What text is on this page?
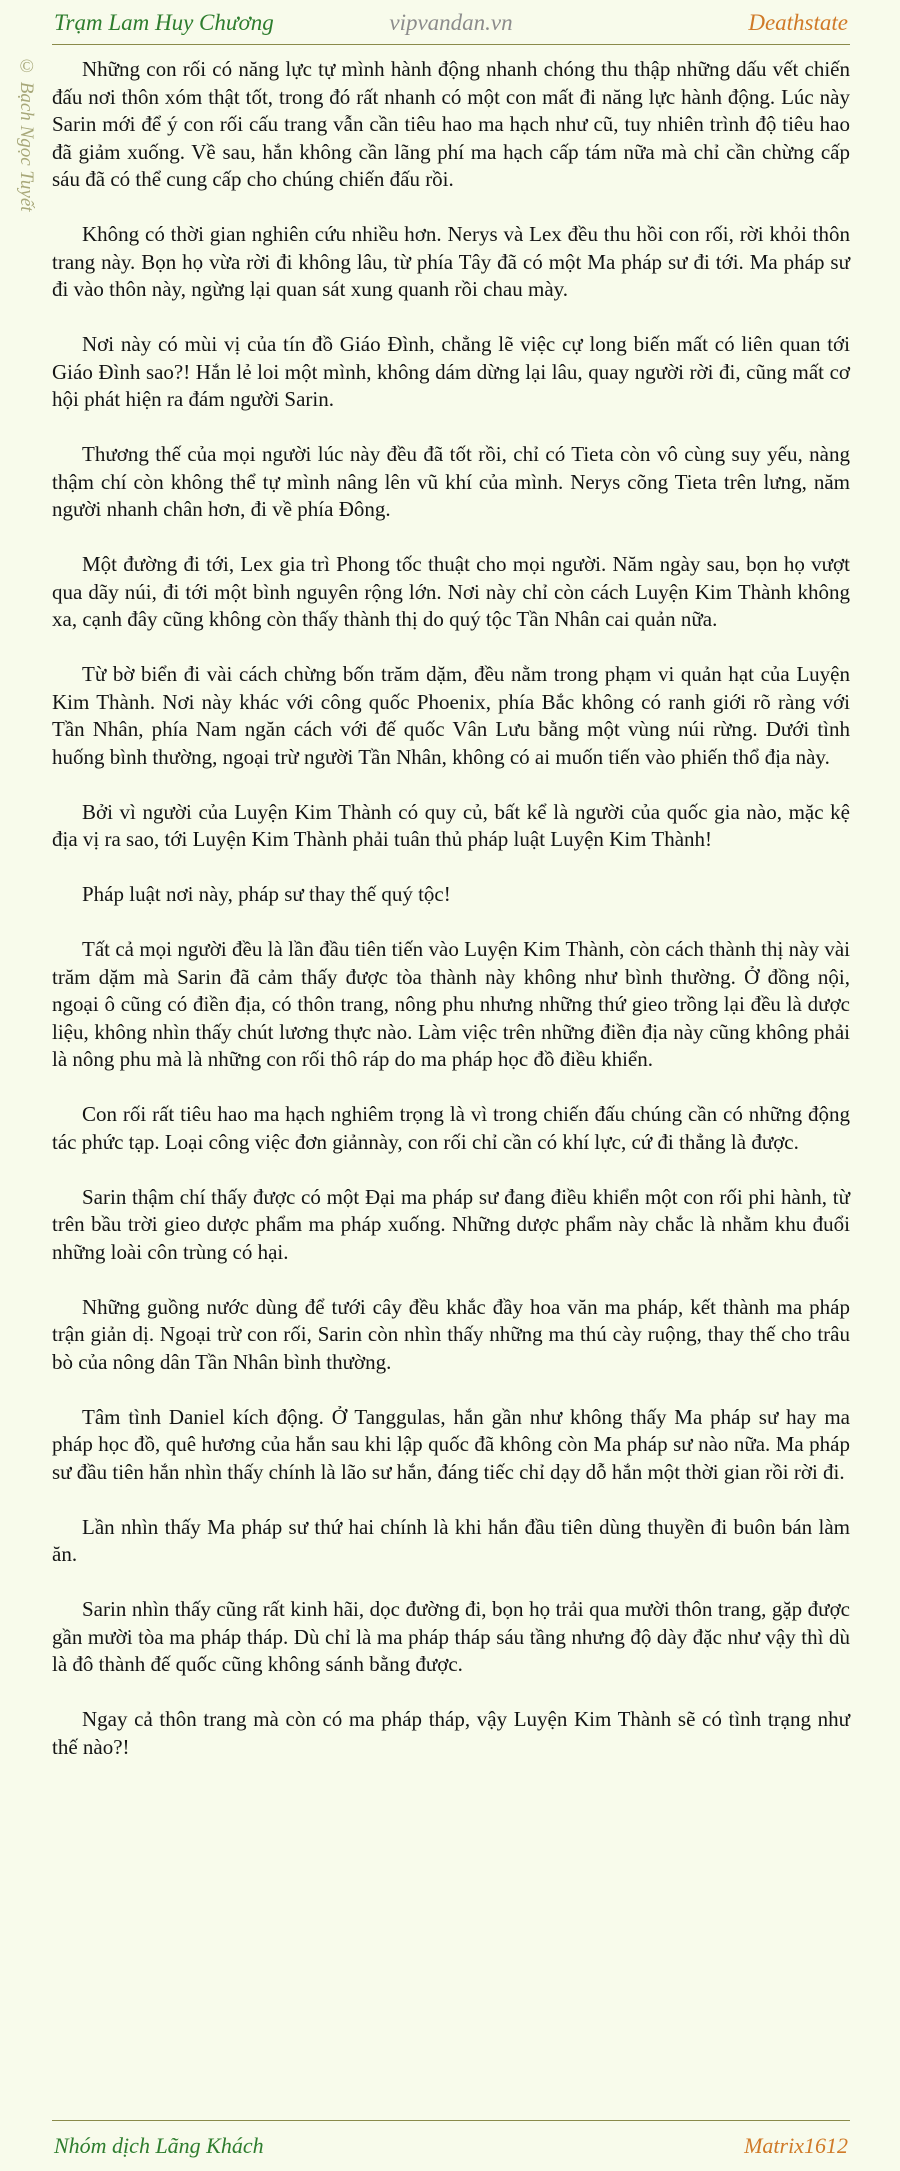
vipvandan.vn
Trạm Lam Huy Chương	Deathstate
© Bạch Ngọc Tuyết	Những con rối có năng lực tự mình hành động nhanh chóng thu thập những dấu vết chiến đấu nơi thôn xóm thật tốt, trong đó rất nhanh có một con mất đi năng lực hành động. Lúc này Sarin mới để ý con rối cấu trang vẫn cần tiêu hao ma hạch như cũ, tuy nhiên trình độ tiêu hao đã giảm xuống. Về sau, hắn không cần lãng phí ma hạch cấp tám nữa mà chỉ cần chừng cấp sáu đã có thể cung cấp cho chúng chiến đấu rồi.

Không có thời gian nghiên cứu nhiều hơn. Nerys và Lex đều thu hồi con rối, rời khỏi thôn trang này. Bọn họ vừa rời đi không lâu, từ phía Tây đã có một Ma pháp sư đi tới. Ma pháp sư đi vào thôn này, ngừng lại quan sát xung quanh rồi chau mày.

Nơi này có mùi vị của tín đồ Giáo Đình, chẳng lẽ việc cự long biến mất có liên quan tới Giáo Đình sao?! Hắn lẻ loi một mình, không dám dừng lại lâu, quay người rời đi, cũng mất cơ hội phát hiện ra đám người Sarin.

Thương thế của mọi người lúc này đều đã tốt rồi, chỉ có Tieta còn vô cùng suy yếu, nàng thậm chí còn không thể tự mình nâng lên vũ khí của mình. Nerys cõng Tieta trên lưng, năm người nhanh chân hơn, đi về phía Đông.

Một đường đi tới, Lex gia trì Phong tốc thuật cho mọi người. Năm ngày sau, bọn họ vượt qua dãy núi, đi tới một bình nguyên rộng lớn. Nơi này chỉ còn cách Luyện Kim Thành không xa, cạnh đây cũng không còn thấy thành thị do quý tộc Tần Nhân cai quản nữa.

Từ bờ biển đi vài cách chừng bốn trăm dặm, đều nằm trong phạm vi quản hạt của Luyện Kim Thành. Nơi này khác với công quốc Phoenix, phía Bắc không có ranh giới rõ ràng với Tần Nhân, phía Nam ngăn cách với đế quốc Vân Lưu bằng một vùng núi rừng. Dưới tình huống bình thường, ngoại trừ người Tần Nhân, không có ai muốn tiến vào phiến thổ địa này.

Bởi vì người của Luyện Kim Thành có quy củ, bất kể là người của quốc gia nào, mặc kệ địa vị ra sao, tới Luyện Kim Thành phải tuân thủ pháp luật Luyện Kim Thành!

Pháp luật nơi này, pháp sư thay thế quý tộc!

Tất cả mọi người đều là lần đầu tiên tiến vào Luyện Kim Thành, còn cách thành thị này vài trăm dặm mà Sarin đã cảm thấy được tòa thành này không như bình thường. Ở đồng nội, ngoại ô cũng có điền địa, có thôn trang, nông phu nhưng những thứ gieo trồng lại đều là dược liệu, không nhìn thấy chút lương thực nào. Làm việc trên những điền địa này cũng không phải là nông phu mà là những con rối thô ráp do ma pháp học đồ điều khiển.

Con rối rất tiêu hao ma hạch nghiêm trọng là vì trong chiến đấu chúng cần có những động tác phức tạp. Loại công việc đơn giảnnày, con rối chỉ cần có khí lực, cứ đi thẳng là được.

Sarin thậm chí thấy được có một Đại ma pháp sư đang điều khiển một con rối phi hành, từ trên bầu trời gieo dược phẩm ma pháp xuống. Những dược phẩm này chắc là nhằm khu đuổi những loài côn trùng có hại.

Những guồng nước dùng để tưới cây đều khắc đầy hoa văn ma pháp, kết thành ma pháp trận giản dị. Ngoại trừ con rối, Sarin còn nhìn thấy những ma thú cày ruộng, thay thế cho trâu bò của nông dân Tần Nhân bình thường.

Tâm tình Daniel kích động. Ở Tanggulas, hắn gần như không thấy Ma pháp sư hay ma pháp học đồ, quê hương của hắn sau khi lập quốc đã không còn Ma pháp sư nào nữa. Ma pháp sư đầu tiên hắn nhìn thấy chính là lão sư hắn, đáng tiếc chỉ dạy dỗ hắn một thời gian rồi rời đi.

Lần nhìn thấy Ma pháp sư thứ hai chính là khi hắn đầu tiên dùng thuyền đi buôn bán làm ăn.

Sarin nhìn thấy cũng rất kinh hãi, dọc đường đi, bọn họ trải qua mười thôn trang, gặp được gần mười tòa ma pháp tháp. Dù chỉ là ma pháp tháp sáu tầng nhưng độ dày đặc như vậy thì dù là đô thành đế quốc cũng không sánh bằng được.

Ngay cả thôn trang mà còn có ma pháp tháp, vậy Luyện Kim Thành sẽ có tình trạng như thế nào?!

Nhóm dịch Lãng Khách	Matrix1612
